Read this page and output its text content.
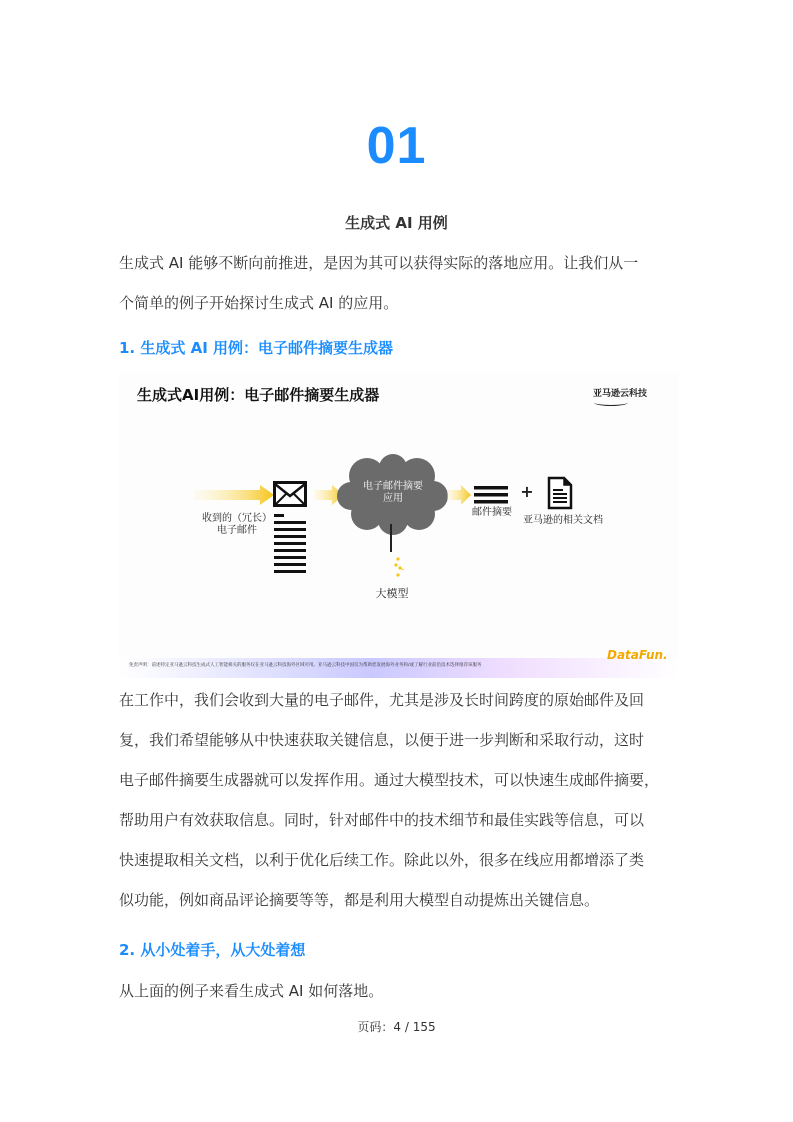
01
生成式 AI 用例
生成式 AI 能够不断向前推进，是因为其可以获得实际的落地应用。让我们从一
个简单的例子开始探讨生成式 AI 的应用。
1. 生成式 AI 用例：电子邮件摘要生成器
生成式AI用例：电子邮件摘要生成器	亚马逊云科技
收到的（冗长）
电子邮件
电子邮件摘要
应用
大模型
邮件摘要
+
亚马逊的相关文档
免责声明：前述特定亚马逊云科技生成式人工智能相关的服务仅在亚马逊云科技海外区域可用。亚马逊云科技中国仅为帮助您发展海外业务和/或了解行业前沿技术选择推荐该服务
DataFun.
在工作中，我们会收到大量的电子邮件，尤其是涉及长时间跨度的原始邮件及回
复，我们希望能够从中快速获取关键信息，以便于进一步判断和采取行动，这时
电子邮件摘要生成器就可以发挥作用。通过大模型技术，可以快速生成邮件摘要，
帮助用户有效获取信息。同时，针对邮件中的技术细节和最佳实践等信息，可以
快速提取相关文档，以利于优化后续工作。除此以外，很多在线应用都增添了类
似功能，例如商品评论摘要等等，都是利用大模型自动提炼出关键信息。
2. 从小处着手，从大处着想
从上面的例子来看生成式 AI 如何落地。
页码：4 / 155
